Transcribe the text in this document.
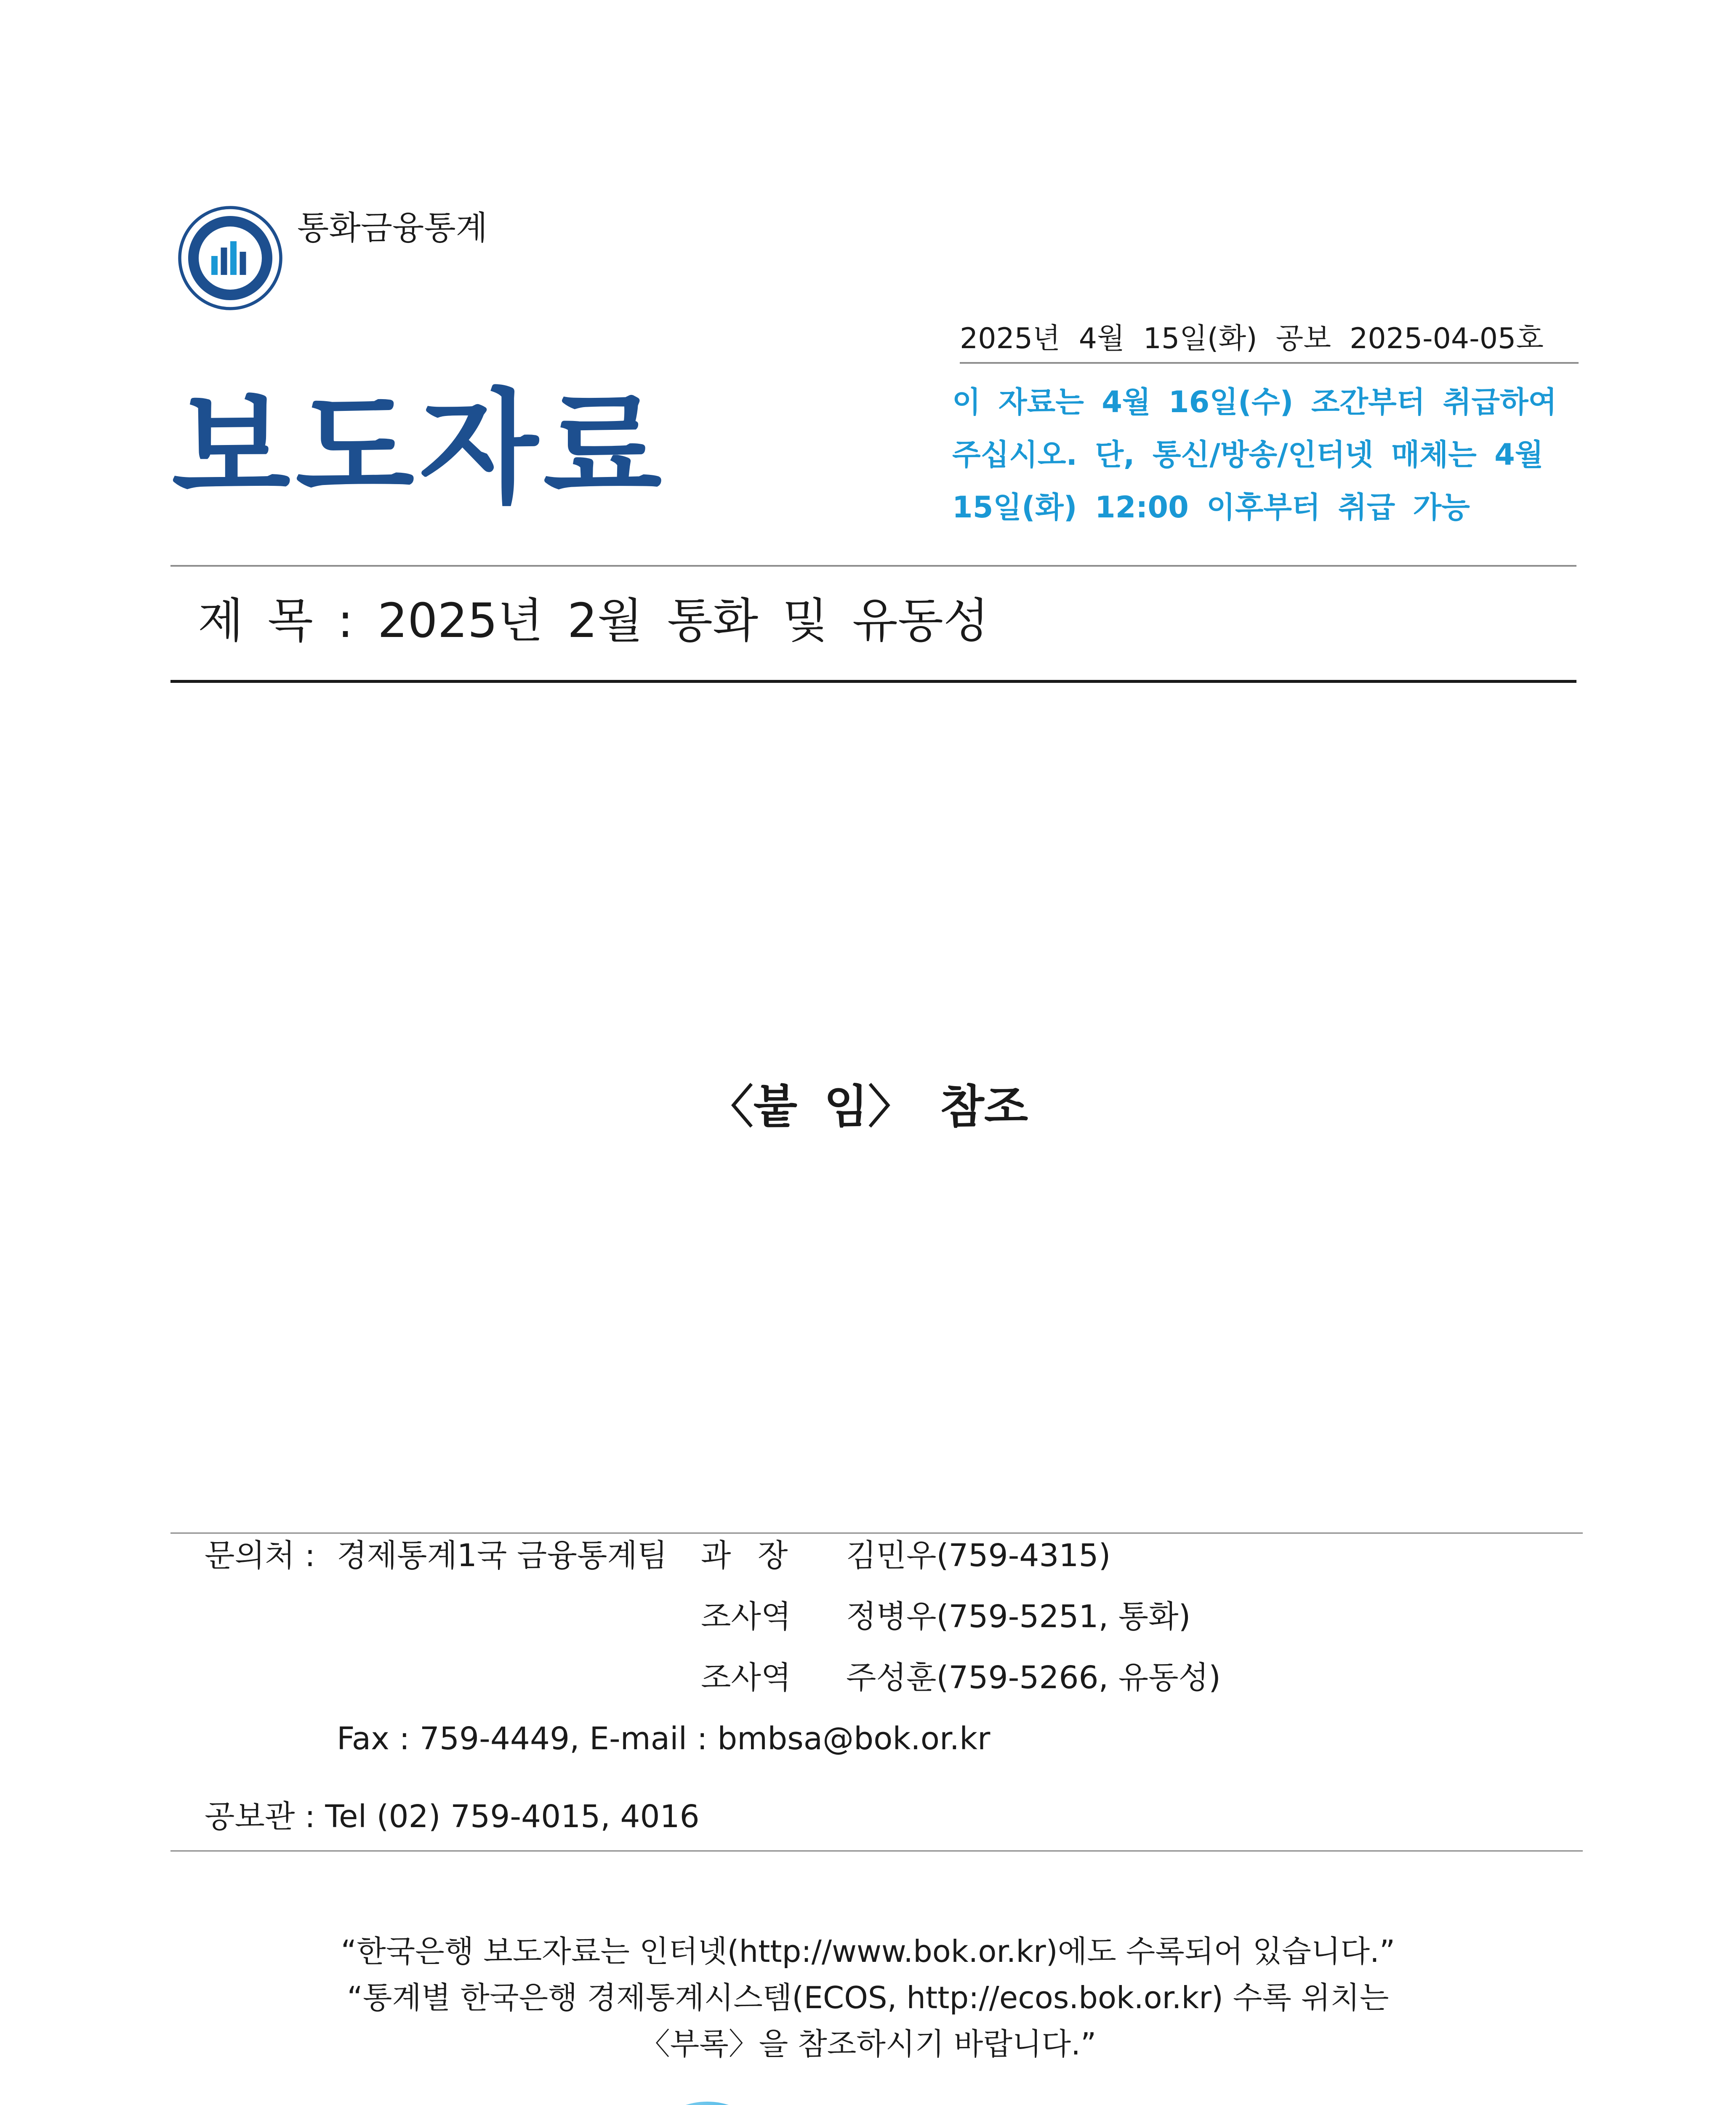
통화금융통계
2025년 4월 15일(화) 공보 2025-04-05호
보도자료	이 자료는 4월 16일(수) 조간부터 취급하여
주십시오. 단, 통신/방송/인터넷 매체는 4월
15일(화) 12:00 이후부터 취급 가능
제 목 : 2025년 2월 통화 및 유동성
〈붙 임〉 참조
문의처 : 경제통계1국 금융통계팀 과 장 김민우(759-4315)
조사역 정병우(759-5251, 통화)
조사역 주성훈(759-5266, 유동성)
Fax : 759-4449, E-mail : bmbsa@bok.or.kr
공보관 : Tel (02) 759-4015, 4016
“한국은행 보도자료는 인터넷(http://www.bok.or.kr)에도 수록되어 있습니다.”
“통계별 한국은행 경제통계시스템(ECOS, http://ecos.bok.or.kr) 수록 위치는
〈부록〉을 참조하시기 바랍니다.”
